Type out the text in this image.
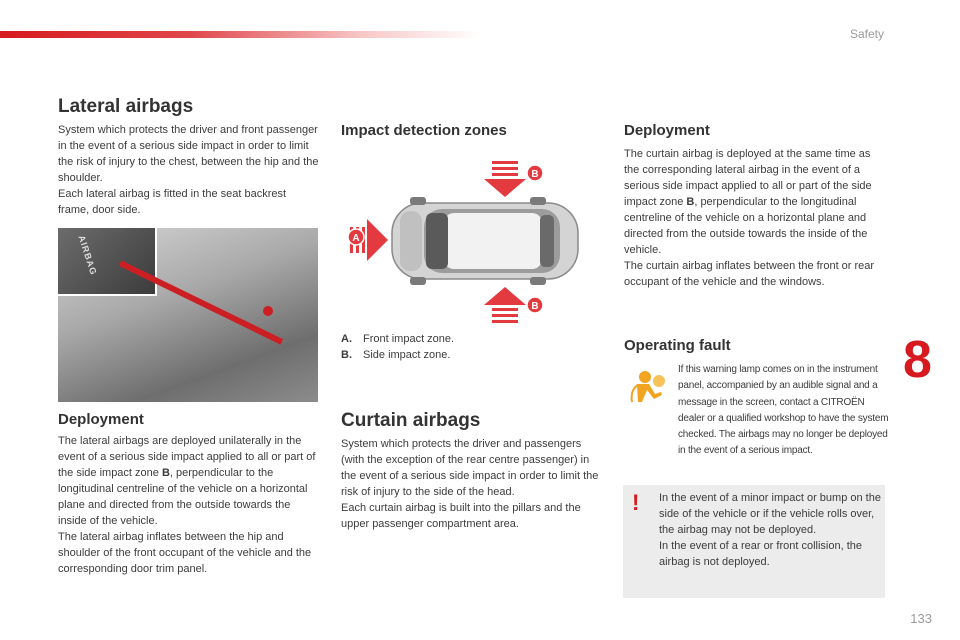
Safety
Lateral airbags

System which protects the driver and front passenger in the event of a serious side impact in order to limit the risk of injury to the chest, between the hip and the shoulder.
Each lateral airbag is fitted in the seat backrest frame, door side.

AIRBAG
Deployment

The lateral airbags are deployed unilaterally in the event of a serious side impact applied to all or part of the side impact zone B, perpendicular to the longitudinal centreline of the vehicle on a horizontal plane and directed from the outside towards the inside of the vehicle.
The lateral airbag inflates between the hip and shoulder of the front occupant of the vehicle and the corresponding door trim panel.

Impact detection zones
B
B
A
A. Front impact zone.
B. Side impact zone.
Curtain airbags

System which protects the driver and passengers (with the exception of the rear centre passenger) in the event of a serious side impact in order to limit the risk of injury to the side of the head.
Each curtain airbag is built into the pillars and the upper passenger compartment area.

Deployment

The curtain airbag is deployed at the same time as the corresponding lateral airbag in the event of a serious side impact applied to all or part of the side impact zone B, perpendicular to the longitudinal centreline of the vehicle on a horizontal plane and directed from the outside towards the inside of the vehicle.
The curtain airbag inflates between the front or rear occupant of the vehicle and the windows.

Operating fault
If this warning lamp comes on in the instrument panel, accompanied by an audible signal and a message in the screen, contact a CITROËN dealer or a qualified workshop to have the system checked. The airbags may no longer be deployed in the event of a serious impact.
! In the event of a minor impact or bump on the side of the vehicle or if the vehicle rolls over, the airbag may not be deployed.
In the event of a rear or front collision, the airbag is not deployed.
8
133
